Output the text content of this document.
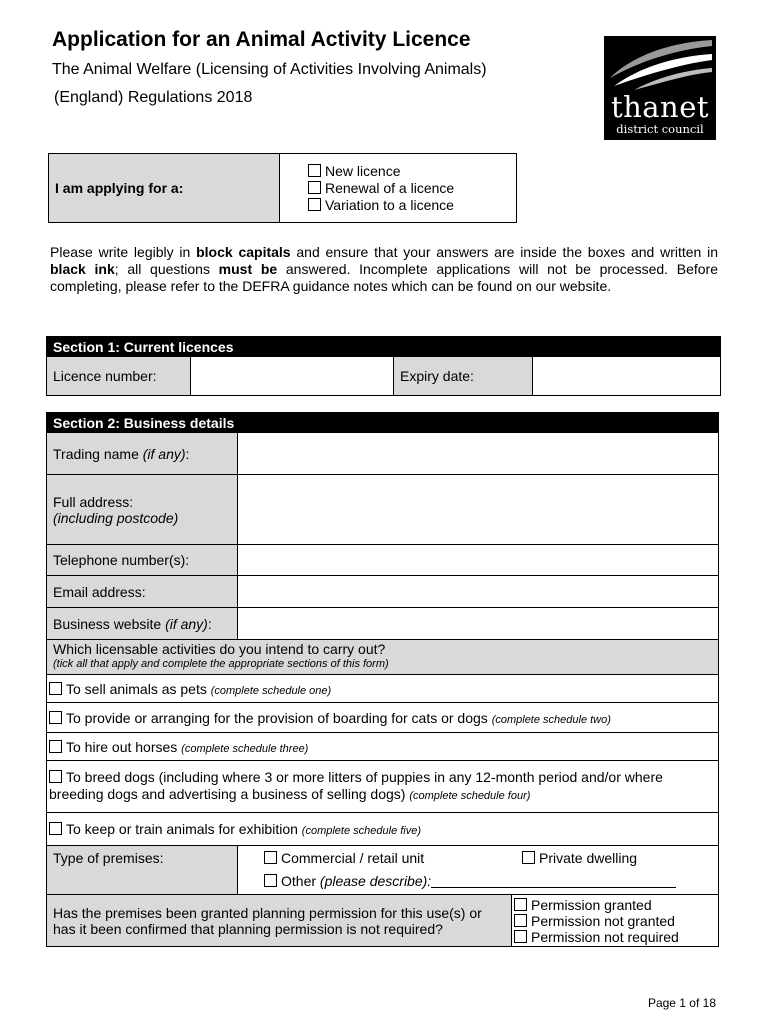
Application for an Animal Activity Licence
The Animal Welfare (Licensing of Activities Involving Animals)
(England) Regulations 2018	thanet
district council
I am applying for a:	
New licence
Renewal of a licence
Variation to a licence
Please write legibly in block capitals and ensure that your answers are inside the boxes and written in black ink; all questions must be answered. Incomplete applications will not be processed. Before completing, please refer to the DEFRA guidance notes which can be found on our website.
Section 1: Current licences
Licence number:		Expiry date:	
Section 2: Business details		
Trading name (if any):		

Full address:
(including postcode)		

Telephone number(s):		
Email address:		
Business website (if any):		

Which licensable activities do you intend to carry out?
(tick all that apply and complete the appropriate sections of this form)		

To sell animals as pets (complete schedule one)		
To provide or arranging for the provision of boarding for cats or dogs (complete schedule two)		
To hire out horses (complete schedule three)		
To breed dogs (including where 3 or more litters of puppies in any 12-month period and/or where breeding dogs and advertising a business of selling dogs) (complete schedule four)		
To keep or train animals for exhibition (complete schedule five)		
Type of premises:	Commercial / retail unit Private dwelling
Other (please describe):	

Has the premises been granted planning permission for this use(s) or has it been confirmed that planning permission is not required?		Permission granted
Permission not granted
Permission not required
Page 1 of 18
